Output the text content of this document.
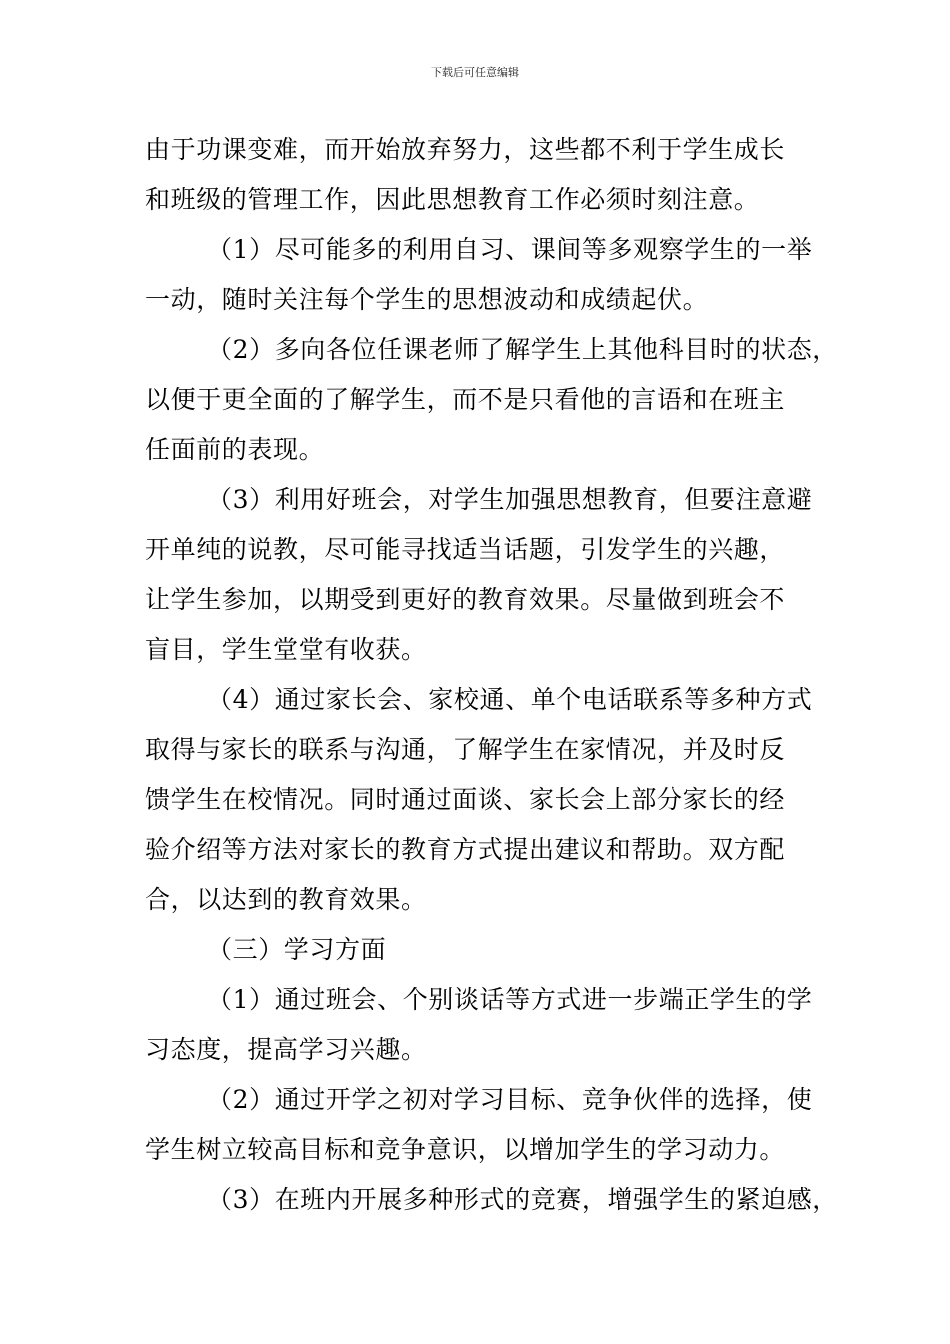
下载后可任意编辑

由于功课变难，而开始放弃努力，这些都不利于学生成长
和班级的管理工作，因此思想教育工作必须时刻注意。

（1）尽可能多的利用自习、课间等多观察学生的一举
一动，随时关注每个学生的思想波动和成绩起伏。

（2）多向各位任课老师了解学生上其他科目时的状态，
以便于更全面的了解学生，而不是只看他的言语和在班主
任面前的表现。

（3）利用好班会，对学生加强思想教育，但要注意避
开单纯的说教，尽可能寻找适当话题，引发学生的兴趣，
让学生参加，以期受到更好的教育效果。尽量做到班会不
盲目，学生堂堂有收获。

（4）通过家长会、家校通、单个电话联系等多种方式
取得与家长的联系与沟通，了解学生在家情况，并及时反
馈学生在校情况。同时通过面谈、家长会上部分家长的经
验介绍等方法对家长的教育方式提出建议和帮助。双方配
合，以达到的教育效果。

（三）学习方面

（1）通过班会、个别谈话等方式进一步端正学生的学
习态度，提高学习兴趣。

（2）通过开学之初对学习目标、竞争伙伴的选择，使
学生树立较高目标和竞争意识，以增加学生的学习动力。

（3）在班内开展多种形式的竞赛，增强学生的紧迫感，
